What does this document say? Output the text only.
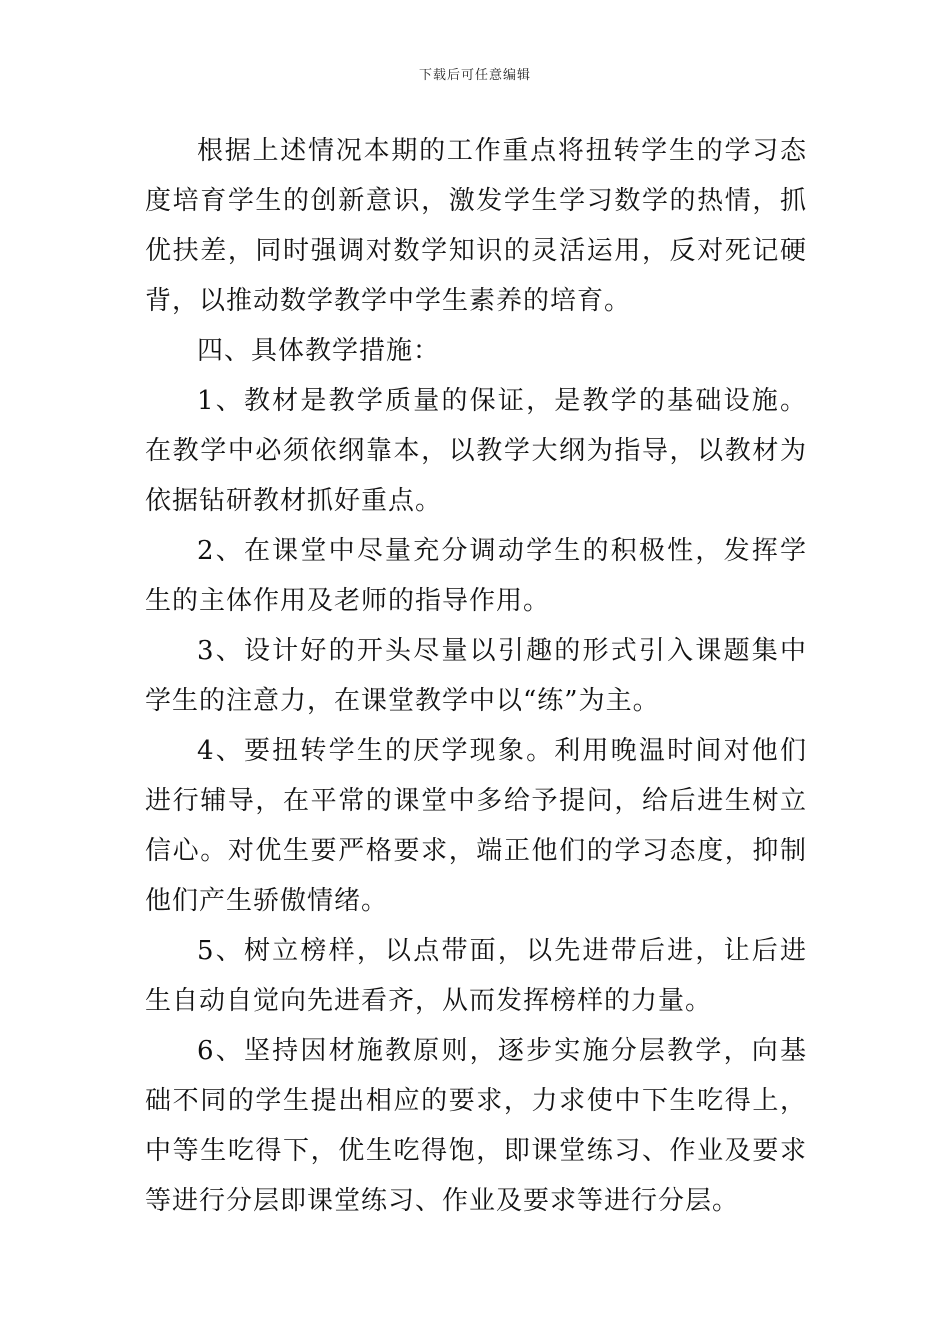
下载后可任意编辑

根据上述情况本期的工作重点将扭转学生的学习态度培育学生的创新意识，激发学生学习数学的热情，抓优扶差，同时强调对数学知识的灵活运用，反对死记硬背，以推动数学教学中学生素养的培育。

四、具体教学措施：

1、教材是教学质量的保证，是教学的基础设施。在教学中必须依纲靠本，以教学大纲为指导，以教材为依据钻研教材抓好重点。

2、在课堂中尽量充分调动学生的积极性，发挥学生的主体作用及老师的指导作用。

3、设计好的开头尽量以引趣的形式引入课题集中学生的注意力，在课堂教学中以“练”为主。

4、要扭转学生的厌学现象。利用晚温时间对他们进行辅导，在平常的课堂中多给予提问，给后进生树立信心。对优生要严格要求，端正他们的学习态度，抑制他们产生骄傲情绪。

5、树立榜样，以点带面，以先进带后进，让后进生自动自觉向先进看齐，从而发挥榜样的力量。

6、坚持因材施教原则，逐步实施分层教学，向基础不同的学生提出相应的要求，力求使中下生吃得上，中等生吃得下，优生吃得饱，即课堂练习、作业及要求等进行分层即课堂练习、作业及要求等进行分层。
